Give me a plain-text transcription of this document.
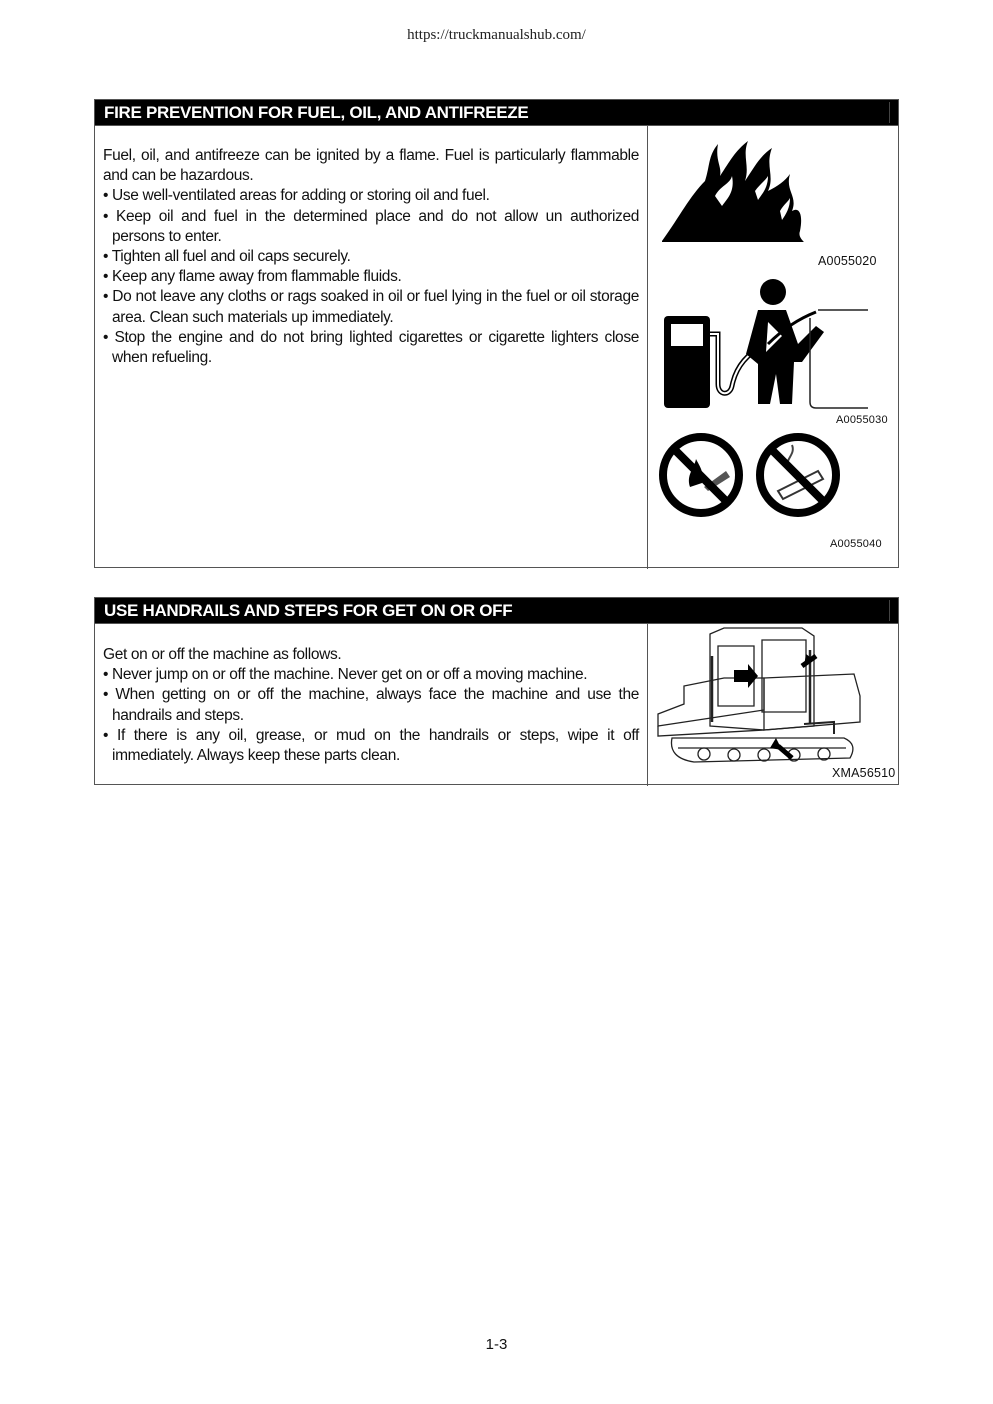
https://truckmanualshub.com/
FIRE PREVENTION FOR FUEL, OIL, AND ANTIFREEZE

Fuel, oil, and antifreeze can be ignited by a flame. Fuel is particularly flammable and can be hazardous.

• Use well-ventilated areas for adding or storing oil and fuel.

• Keep oil and fuel in the determined place and do not allow un authorized persons to enter.

• Tighten all fuel and oil caps securely.

• Keep any flame away from flammable fluids.

• Do not leave any cloths or rags soaked in oil or fuel lying in the fuel or oil storage area. Clean such materials up immediately.

• Stop the engine and do not bring lighted cigarettes or cigarette lighters close when refueling.

A0055020
A0055030
A0055040
USE HANDRAILS AND STEPS FOR GET ON OR OFF

Get on or off the machine as follows.

• Never jump on or off the machine. Never get on or off a moving machine.

• When getting on or off the machine, always face the machine and use the handrails and steps.

• If there is any oil, grease, or mud on the handrails or steps, wipe it off immediately. Always keep these parts clean.

XMA56510
1-3
